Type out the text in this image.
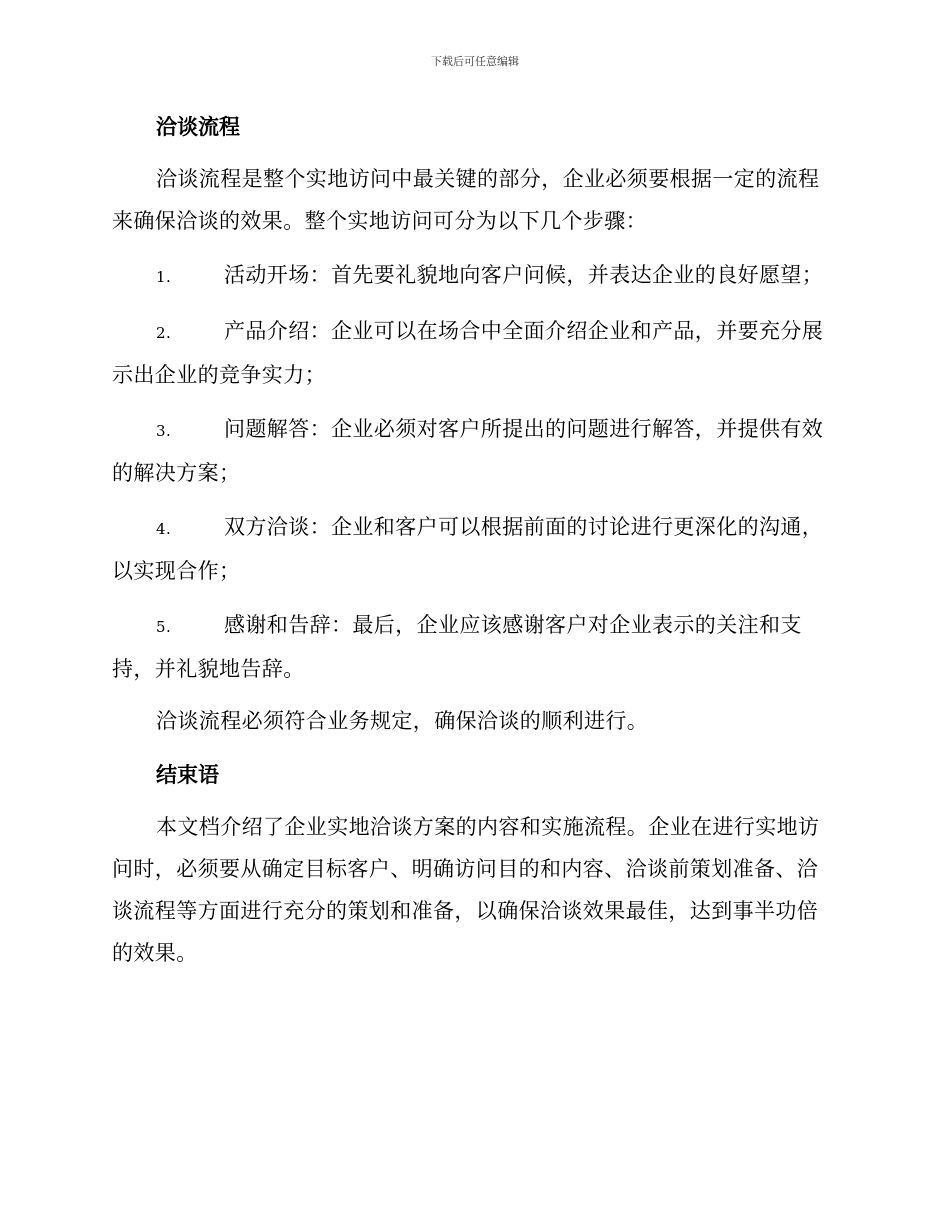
下载后可任意编辑
洽谈流程

洽谈流程是整个实地访问中最关键的部分，企业必须要根据一定的流程来确保洽谈的效果。整个实地访问可分为以下几个步骤：

1.	活动开场：首先要礼貌地向客户问候，并表达企业的良好愿望；

2.	产品介绍：企业可以在场合中全面介绍企业和产品，并要充分展示出企业的竞争实力；

3.	问题解答：企业必须对客户所提出的问题进行解答，并提供有效的解决方案；

4.	双方洽谈：企业和客户可以根据前面的讨论进行更深化的沟通，以实现合作；

5.	感谢和告辞：最后，企业应该感谢客户对企业表示的关注和支持，并礼貌地告辞。

洽谈流程必须符合业务规定，确保洽谈的顺利进行。

结束语

本文档介绍了企业实地洽谈方案的内容和实施流程。企业在进行实地访问时，必须要从确定目标客户、明确访问目的和内容、洽谈前策划准备、洽谈流程等方面进行充分的策划和准备，以确保洽谈效果最佳，达到事半功倍的效果。
